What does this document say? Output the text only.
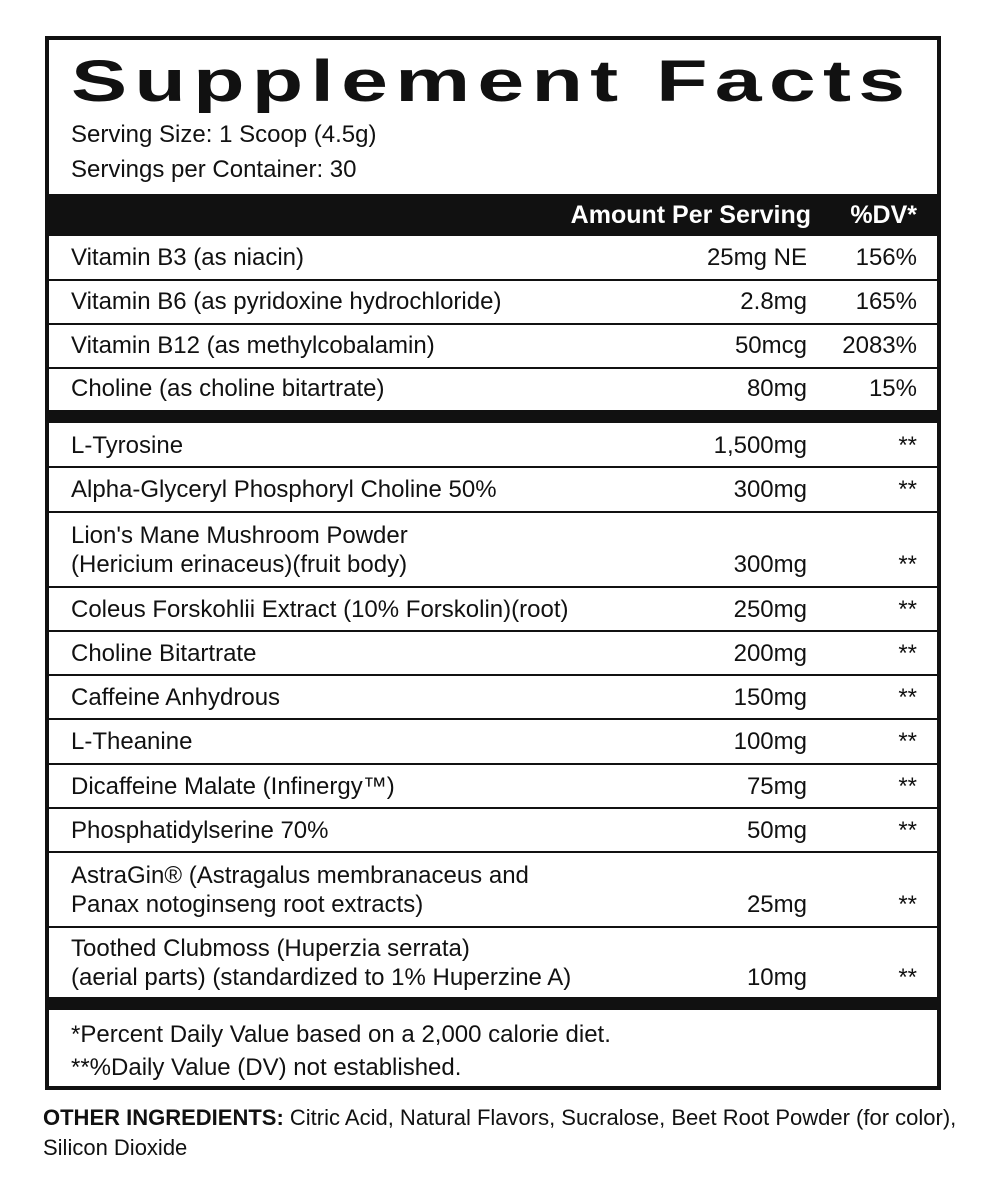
Supplement Facts
Serving Size: 1 Scoop (4.5g)
Servings per Container: 30
Amount Per Serving %DV*
Vitamin B3 (as niacin)	25mg NE 156%
Vitamin B6 (as pyridoxine hydrochloride)	2.8mg 165%
Vitamin B12 (as methylcobalamin)	50mcg 2083%
Choline (as choline bitartrate)	80mg	15%
L-Tyrosine	1,500mg	**
Alpha-Glyceryl Phosphoryl Choline 50%	300mg	**
Lion's Mane Mushroom Powder
(Hericium erinaceus)(fruit body)	300mg	**
Coleus Forskohlii Extract (10% Forskolin)(root)	250mg	**
Choline Bitartrate	200mg	**
Caffeine Anhydrous	150mg	**
L-Theanine	100mg	**
Dicaffeine Malate (Infinergy™)	75mg	**
Phosphatidylserine 70%	50mg	**
AstraGin® (Astragalus membranaceus and
Panax notoginseng root extracts)	25mg	**
Toothed Clubmoss (Huperzia serrata)
(aerial parts) (standardized to 1% Huperzine A)	10mg	**
*Percent Daily Value based on a 2,000 calorie diet.
**%Daily Value (DV) not established.
OTHER INGREDIENTS: Citric Acid, Natural Flavors, Sucralose, Beet Root Powder (for color), Silicon Dioxide
